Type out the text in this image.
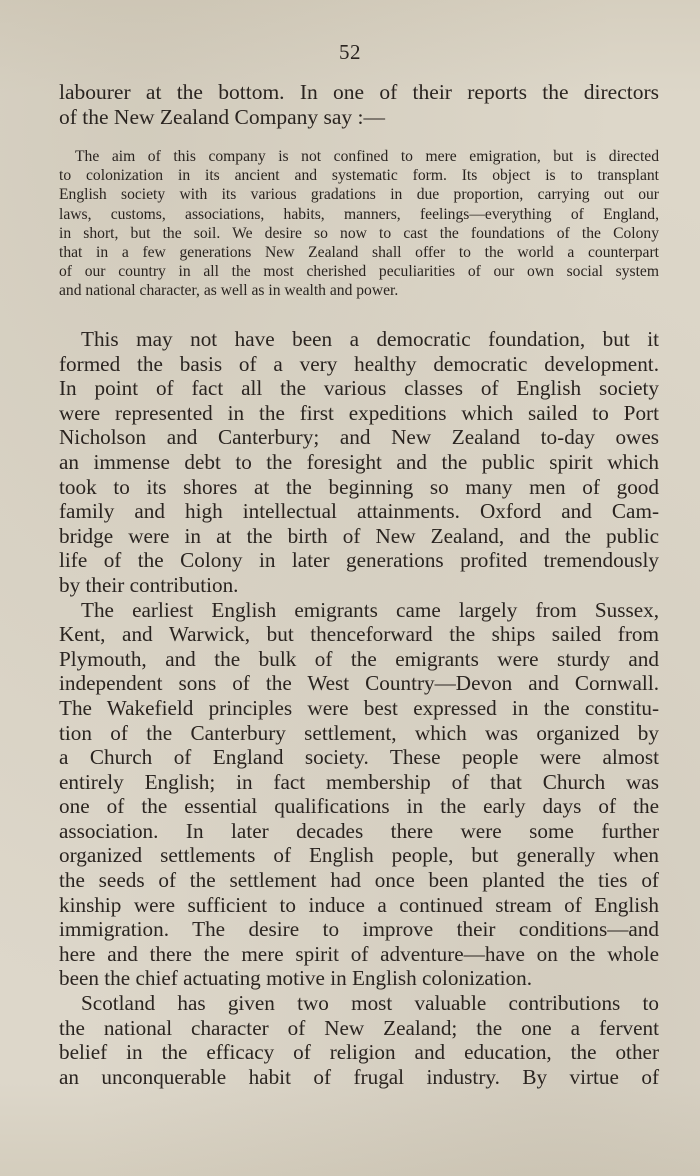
52
labourer at the bottom. In one of their reports the directors
of the New Zealand Company say :—
The aim of this company is not confined to mere emigration, but is directed
to colonization in its ancient and systematic form. Its object is to transplant
English society with its various gradations in due proportion, carrying out our
laws, customs, associations, habits, manners, feelings—everything of England,
in short, but the soil. We desire so now to cast the foundations of the Colony
that in a few generations New Zealand shall offer to the world a counterpart
of our country in all the most cherished peculiarities of our own social system
and national character, as well as in wealth and power.
This may not have been a democratic foundation, but it
formed the basis of a very healthy democratic development.
In point of fact all the various classes of English society
were represented in the first expeditions which sailed to Port
Nicholson and Canterbury; and New Zealand to-day owes
an immense debt to the foresight and the public spirit which
took to its shores at the beginning so many men of good
family and high intellectual attainments. Oxford and Cam-
bridge were in at the birth of New Zealand, and the public
life of the Colony in later generations profited tremendously
by their contribution.
The earliest English emigrants came largely from Sussex,
Kent, and Warwick, but thenceforward the ships sailed from
Plymouth, and the bulk of the emigrants were sturdy and
independent sons of the West Country—Devon and Cornwall.
The Wakefield principles were best expressed in the constitu-
tion of the Canterbury settlement, which was organized by
a Church of England society. These people were almost
entirely English; in fact membership of that Church was
one of the essential qualifications in the early days of the
association. In later decades there were some further
organized settlements of English people, but generally when
the seeds of the settlement had once been planted the ties of
kinship were sufficient to induce a continued stream of English
immigration. The desire to improve their conditions—and
here and there the mere spirit of adventure—have on the whole
been the chief actuating motive in English colonization.
Scotland has given two most valuable contributions to
the national character of New Zealand; the one a fervent
belief in the efficacy of religion and education, the other
an unconquerable habit of frugal industry. By virtue of
